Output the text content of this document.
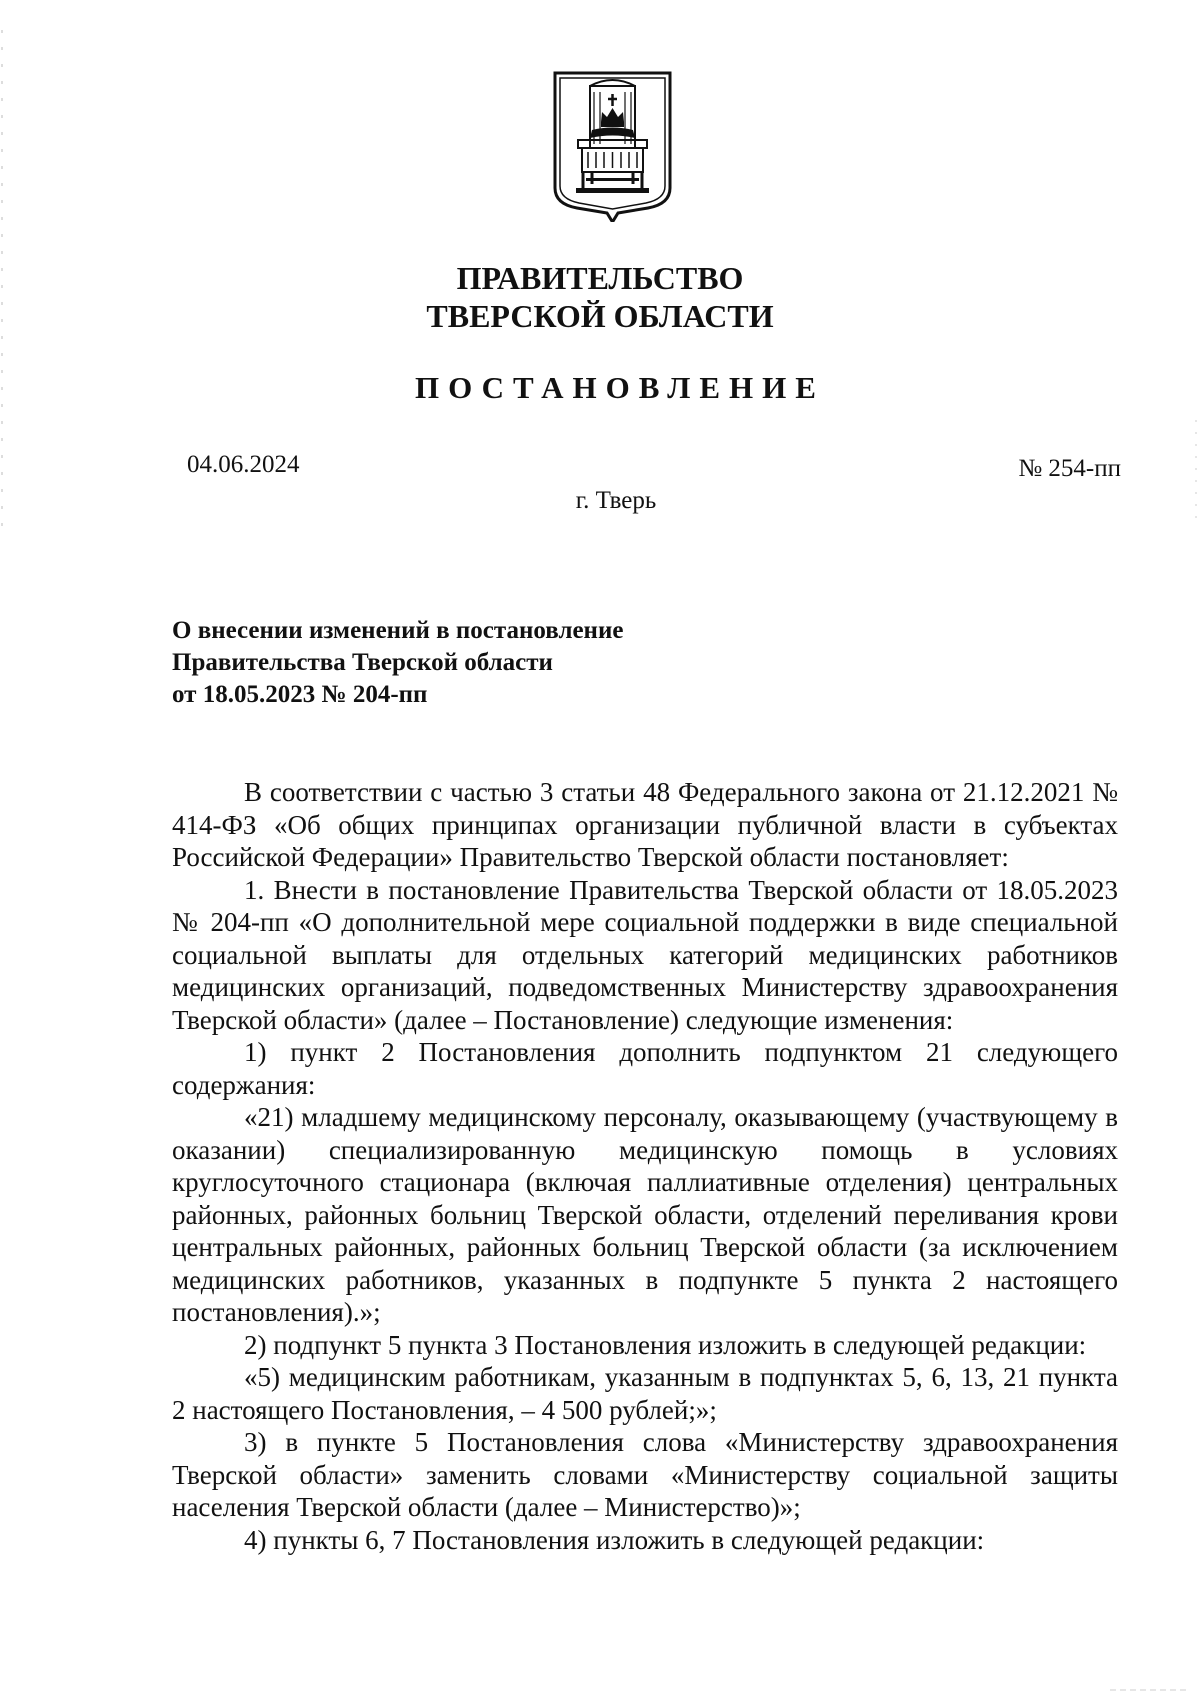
ПРАВИТЕЛЬСТВО
ТВЕРСКОЙ ОБЛАСТИ
ПОСТАНОВЛЕНИЕ
04.06.2024	№ 254-пп
г. Тверь
О внесении изменений в постановление
Правительства Тверской области
от 18.05.2023 № 204-пп

В соответствии с частью 3 статьи 48 Федерального закона от 21.12.2021 № 414-ФЗ «Об общих принципах организации публичной власти в субъектах Российской Федерации» Правительство Тверской области постановляет:

1. Внести в постановление Правительства Тверской области от 18.05.2023 № 204-пп «О дополнительной мере социальной поддержки в виде специальной социальной выплаты для отдельных категорий медицинских работников медицинских организаций, подведомственных Министерству здравоохранения Тверской области» (далее – Постановление) следующие изменения:

1) пункт 2 Постановления дополнить подпунктом 21 следующего содержания:

«21) младшему медицинскому персоналу, оказывающему (участвующему в оказании) специализированную медицинскую помощь в условиях круглосуточного стационара (включая паллиативные отделения) центральных районных, районных больниц Тверской области, отделений переливания крови центральных районных, районных больниц Тверской области (за исключением медицинских работников, указанных в подпункте 5 пункта 2 настоящего постановления).»;

2) подпункт 5 пункта 3 Постановления изложить в следующей редакции:

«5) медицинским работникам, указанным в подпунктах 5, 6, 13, 21 пункта 2 настоящего Постановления, – 4 500 рублей;»;

3) в пункте 5 Постановления слова «Министерству здравоохранения Тверской области» заменить словами «Министерству социальной защиты населения Тверской области (далее – Министерство)»;

4) пункты 6, 7 Постановления изложить в следующей редакции:
